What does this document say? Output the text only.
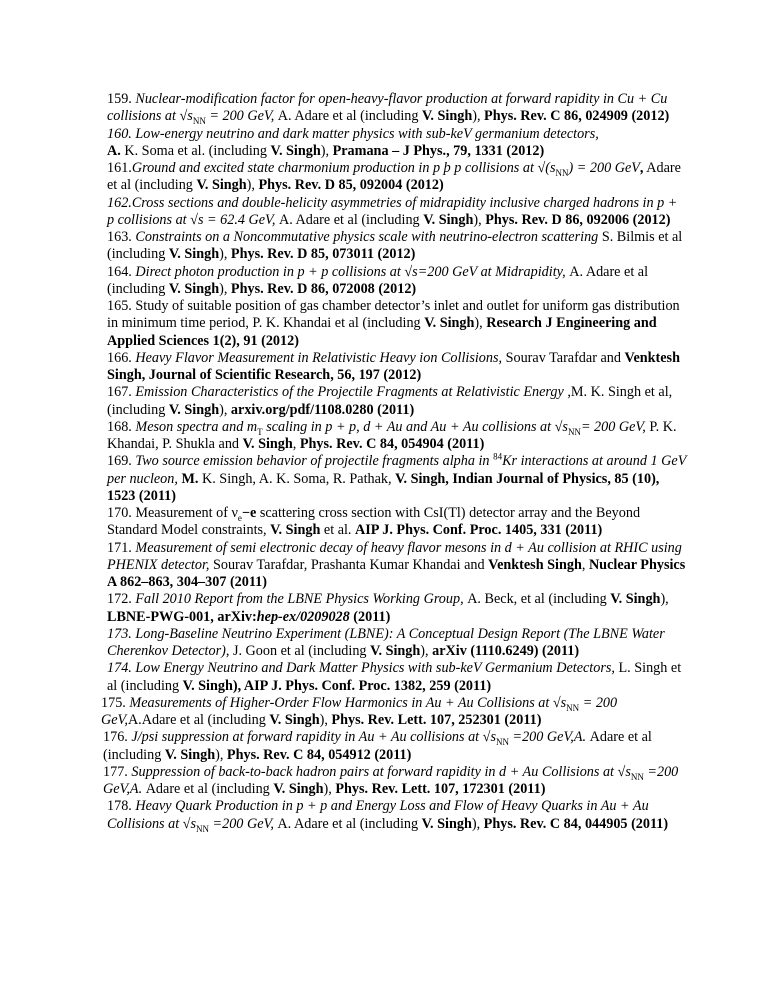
159. Nuclear-modification factor for open-heavy-flavor production at forward rapidity in Cu + Cu collisions at $√s_{NN} = 200$ GeV, A. Adare et al (including V. Singh), Phys. Rev. C 86, 024909 (2012)

160. Low-energy neutrino and dark matter physics with sub-keV germanium detectors,
A. K. Soma et al. (including V. Singh), Pramana – J Phys., 79, 1331 (2012)

161.Ground and excited state charmonium production in p þ p collisions at $√(s_{NN}) = 200$ GeV, Adare et al (including V. Singh), Phys. Rev. D 85, 092004 (2012)

162.Cross sections and double-helicity asymmetries of midrapidity inclusive charged hadrons in p + p collisions at √s = 62.4 GeV, A. Adare et al (including V. Singh), Phys. Rev. D 86, 092006 (2012)

163. Constraints on a Noncommutative physics scale with neutrino-electron scattering S. Bilmis et al (including V. Singh), Phys. Rev. D 85, 073011 (2012)

164. Direct photon production in p + p collisions at √s=200 GeV at Midrapidity, A. Adare et al (including V. Singh), Phys. Rev. D 86, 072008 (2012)

165. Study of suitable position of gas chamber detector’s inlet and outlet for uniform gas distribution in minimum time period, P. K. Khandai et al (including V. Singh), Research J Engineering and Applied Sciences 1(2), 91 (2012)

166. Heavy Flavor Measurement in Relativistic Heavy ion Collisions, Sourav Tarafdar and Venktesh Singh, Journal of Scientific Research, 56, 197 (2012)

167. Emission Characteristics of the Projectile Fragments at Relativistic Energy ,M. K. Singh et al, (including V. Singh), arxiv.org/pdf/1108.0280 (2011)

168. Meson spectra and $m_T$ scaling in p + p, d + Au and Au + Au collisions at $√s_{NN}= 200$ GeV, P. K. Khandai, P. Shukla and V. Singh, Phys. Rev. C 84, 054904 (2011)

169. Two source emission behavior of projectile fragments alpha in $^{84}$Kr interactions at around 1 GeV per nucleon, M. K. Singh, A. K. Soma, R. Pathak, V. Singh, Indian Journal of Physics, 85 (10), 1523 (2011)

170. Measurement of $\nu_e-e$ scattering cross section with CsI(Tl) detector array and the Beyond Standard Model constraints, V. Singh et al. AIP J. Phys. Conf. Proc. 1405, 331 (2011)

171. Measurement of semi electronic decay of heavy flavor mesons in d + Au collision at RHIC using PHENIX detector, Sourav Tarafdar, Prashanta Kumar Khandai and Venktesh Singh, Nuclear Physics A 862–863, 304–307 (2011)

172. Fall 2010 Report from the LBNE Physics Working Group, A. Beck, et al (including V. Singh), LBNE-PWG-001, arXiv:hep-ex/0209028 (2011)

173. Long-Baseline Neutrino Experiment (LBNE): A Conceptual Design Report (The LBNE Water Cherenkov Detector), J. Goon et al (including V. Singh), arXiv (1110.6249) (2011)

174. Low Energy Neutrino and Dark Matter Physics with sub-keV Germanium Detectors, L. Singh et al (including V. Singh), AIP J. Phys. Conf. Proc. 1382, 259 (2011)

175. Measurements of Higher-Order Flow Harmonics in Au + Au Collisions at $√s_{NN} = 200$ GeV,A.Adare et al (including V. Singh), Phys. Rev. Lett. 107, 252301 (2011)

176. J/psi suppression at forward rapidity in Au + Au collisions at $√s_{NN} =200$ GeV,A. Adare et al (including V. Singh), Phys. Rev. C 84, 054912 (2011)

177. Suppression of back-to-back hadron pairs at forward rapidity in d + Au Collisions at $√s_{NN} =200$ GeV,A. Adare et al (including V. Singh), Phys. Rev. Lett. 107, 172301 (2011)

178. Heavy Quark Production in p + p and Energy Loss and Flow of Heavy Quarks in Au + Au Collisions at $√s_{NN} =200$ GeV, A. Adare et al (including V. Singh), Phys. Rev. C 84, 044905 (2011)
